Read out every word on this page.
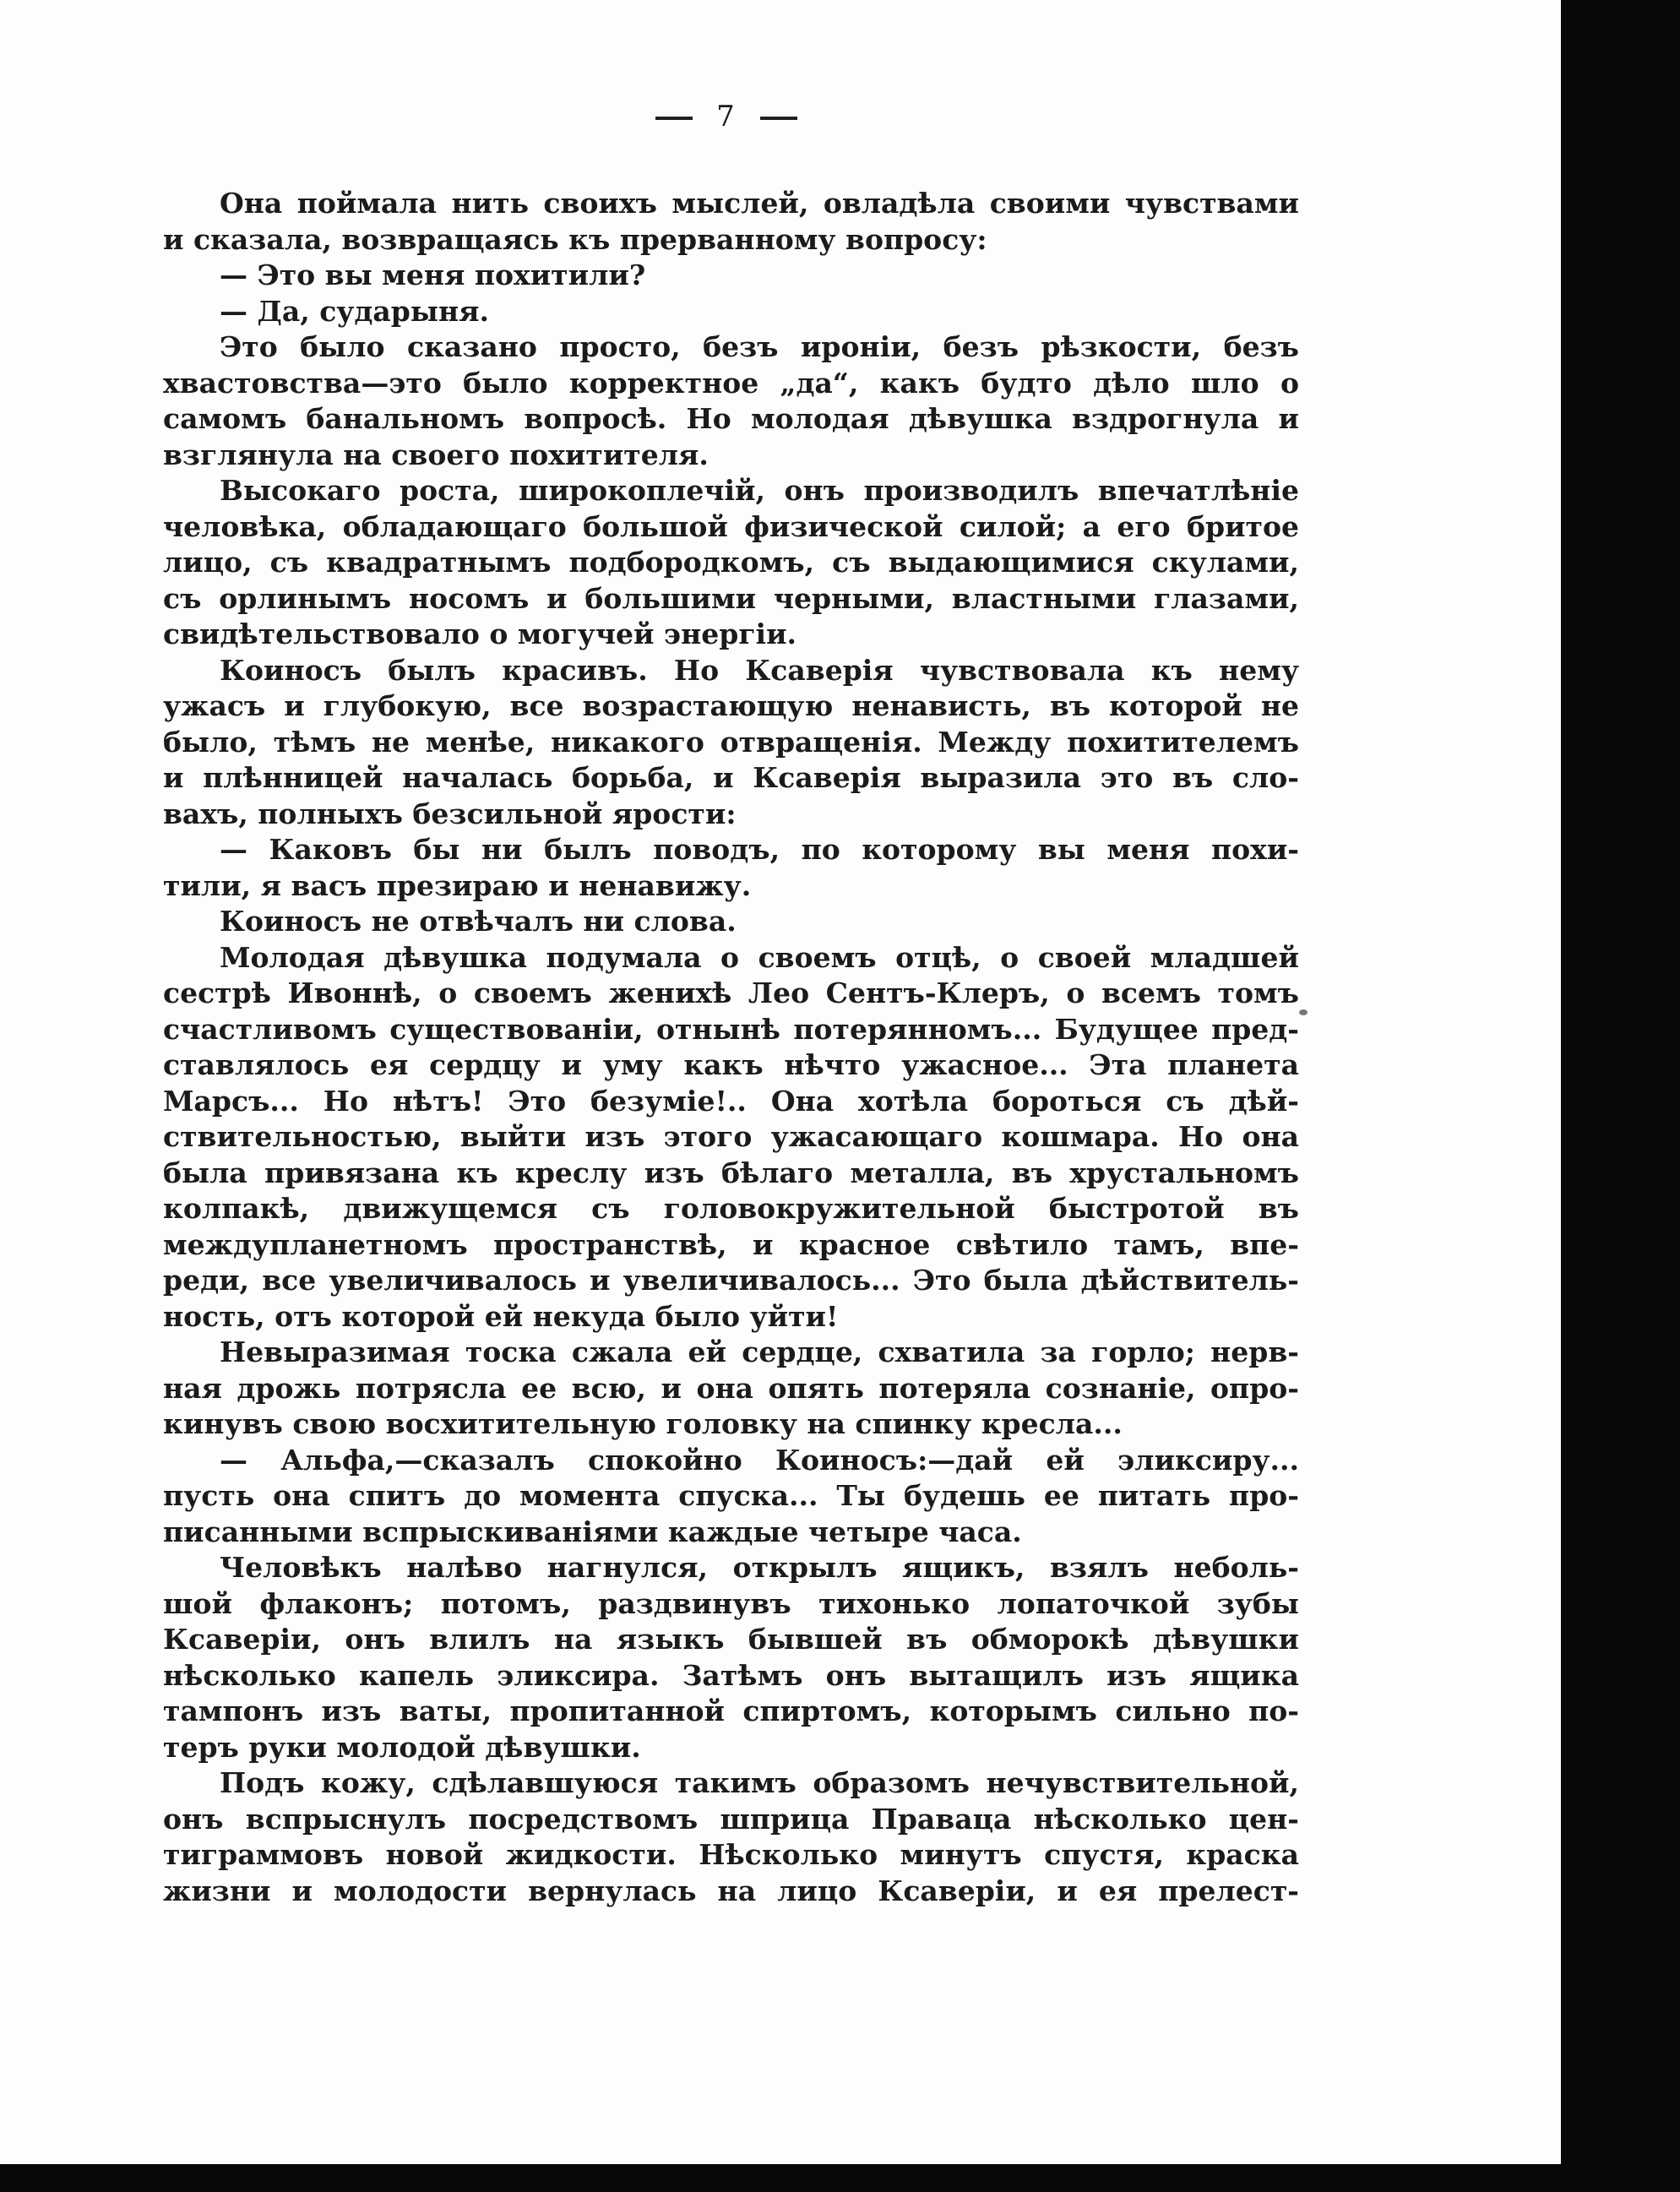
7
Она поймала нить своихъ мыслей, овладѣла своими чувствами
и сказала, возвращаясь къ прерванному вопросу:
— Это вы меня похитили?
— Да, сударыня.
Это было сказано просто, безъ ироніи, безъ рѣзкости, безъ
хвастовства—это было корректное „да“, какъ будто дѣло шло о
самомъ банальномъ вопросѣ. Но молодая дѣвушка вздрогнула и
взглянула на своего похитителя.
Высокаго роста, широкоплечій, онъ производилъ впечатлѣніе
человѣка, обладающаго большой физической силой; а его бритое
лицо, съ квадратнымъ подбородкомъ, съ выдающимися скулами,
съ орлинымъ носомъ и большими черными, властными глазами,
свидѣтельствовало о могучей энергіи.
Коиносъ былъ красивъ. Но Ксаверія чувствовала къ нему
ужасъ и глубокую, все возрастающую ненависть, въ которой не
было, тѣмъ не менѣе, никакого отвращенія. Между похитителемъ
и плѣнницей началась борьба, и Ксаверія выразила это въ сло-
вахъ, полныхъ безсильной ярости:
— Каковъ бы ни былъ поводъ, по которому вы меня похи-
тили, я васъ презираю и ненавижу.
Коиносъ не отвѣчалъ ни слова.
Молодая дѣвушка подумала о своемъ отцѣ, о своей младшей
сестрѣ Ивоннѣ, о своемъ женихѣ Лео Сентъ-Клеръ, о всемъ томъ
счастливомъ существованіи, отнынѣ потерянномъ... Будущее пред-
ставлялось ея сердцу и уму какъ нѣчто ужасное... Эта планета
Марсъ... Но нѣтъ! Это безуміе!.. Она хотѣла бороться съ дѣй-
ствительностью, выйти изъ этого ужасающаго кошмара. Но она
была привязана къ креслу изъ бѣлаго металла, въ хрустальномъ
колпакѣ, движущемся съ головокружительной быстротой въ
междупланетномъ пространствѣ, и красное свѣтило тамъ, впе-
реди, все увеличивалось и увеличивалось... Это была дѣйствитель-
ность, отъ которой ей некуда было уйти!
Невыразимая тоска сжала ей сердце, схватила за горло; нерв-
ная дрожь потрясла ее всю, и она опять потеряла сознаніе, опро-
кинувъ свою восхитительную головку на спинку кресла...
— Альфа,—сказалъ спокойно Коиносъ:—дай ей эликсиру...
пусть она спитъ до момента спуска... Ты будешь ее питать про-
писанными вспрыскиваніями каждые четыре часа.
Человѣкъ налѣво нагнулся, открылъ ящикъ, взялъ неболь-
шой флаконъ; потомъ, раздвинувъ тихонько лопаточкой зубы
Ксаверіи, онъ влилъ на языкъ бывшей въ обморокѣ дѣвушки
нѣсколько капель эликсира. Затѣмъ онъ вытащилъ изъ ящика
тампонъ изъ ваты, пропитанной спиртомъ, которымъ сильно по-
теръ руки молодой дѣвушки.
Подъ кожу, сдѣлавшуюся такимъ образомъ нечувствительной,
онъ вспрыснулъ посредствомъ шприца Праваца нѣсколько цен-
тиграммовъ новой жидкости. Нѣсколько минутъ спустя, краска
жизни и молодости вернулась на лицо Ксаверіи, и ея прелест-
